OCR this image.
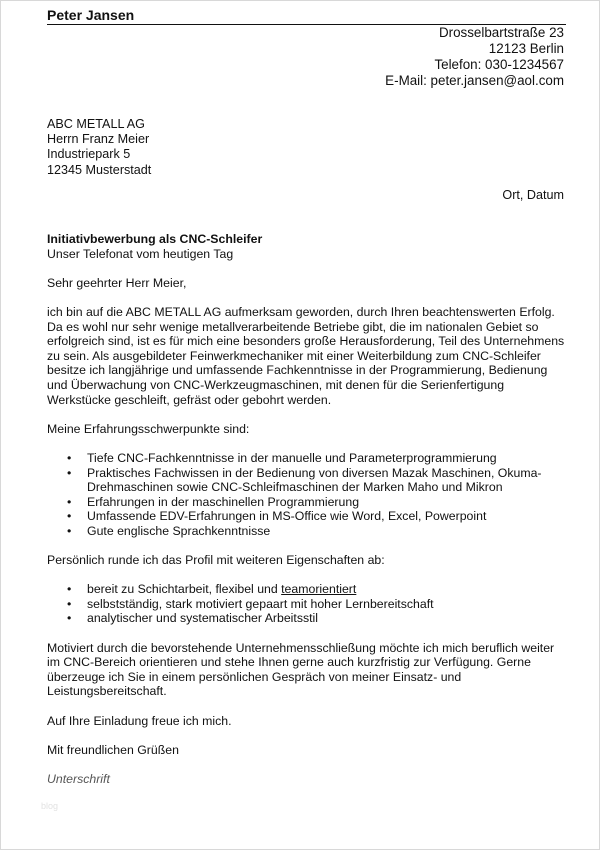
Peter Jansen
Drosselbartstraße 23
12123 Berlin
Telefon: 030-1234567
E-Mail: peter.jansen@aol.com
ABC METALL AG
Herrn Franz Meier
Industriepark 5
12345 Musterstadt
Ort, Datum

Initiativbewerbung als CNC-Schleifer

Unser Telefonat vom heutigen Tag

Sehr geehrter Herr Meier,

ich bin auf die ABC METALL AG aufmerksam geworden, durch Ihren beachtenswerten Erfolg.
Da es wohl nur sehr wenige metallverarbeitende Betriebe gibt, die im nationalen Gebiet so erfolgreich sind, ist es für mich eine besonders große Herausforderung, Teil des Unternehmens zu sein. Als ausgebildeter Feinwerkmechaniker mit einer Weiterbildung zum CNC-Schleifer besitze ich langjährige und umfassende Fachkenntnisse in der Programmierung, Bedienung und Überwachung von CNC-Werkzeugmaschinen, mit denen für die Serienfertigung Werkstücke geschleift, gefräst oder gebohrt werden.

Meine Erfahrungsschwerpunkte sind:

• Tiefe CNC-Fachkenntnisse in der manuelle und Parameterprogrammierung
• Praktisches Fachwissen in der Bedienung von diversen Mazak Maschinen, Okuma-Drehmaschinen sowie CNC-Schleifmaschinen der Marken Maho und Mikron
• Erfahrungen in der maschinellen Programmierung
• Umfassende EDV-Erfahrungen in MS-Office wie Word, Excel, Powerpoint
• Gute englische Sprachkenntnisse

Persönlich runde ich das Profil mit weiteren Eigenschaften ab:

• bereit zu Schichtarbeit, flexibel und teamorientiert
• selbstständig, stark motiviert gepaart mit hoher Lernbereitschaft
• analytischer und systematischer Arbeitsstil

Motiviert durch die bevorstehende Unternehmensschließung möchte ich mich beruflich weiter im CNC-Bereich orientieren und stehe Ihnen gerne auch kurzfristig zur Verfügung. Gerne überzeuge ich Sie in einem persönlichen Gespräch von meiner Einsatz- und Leistungsbereitschaft.

Auf Ihre Einladung freue ich mich.

Mit freundlichen Grüßen

Unterschrift

blog
